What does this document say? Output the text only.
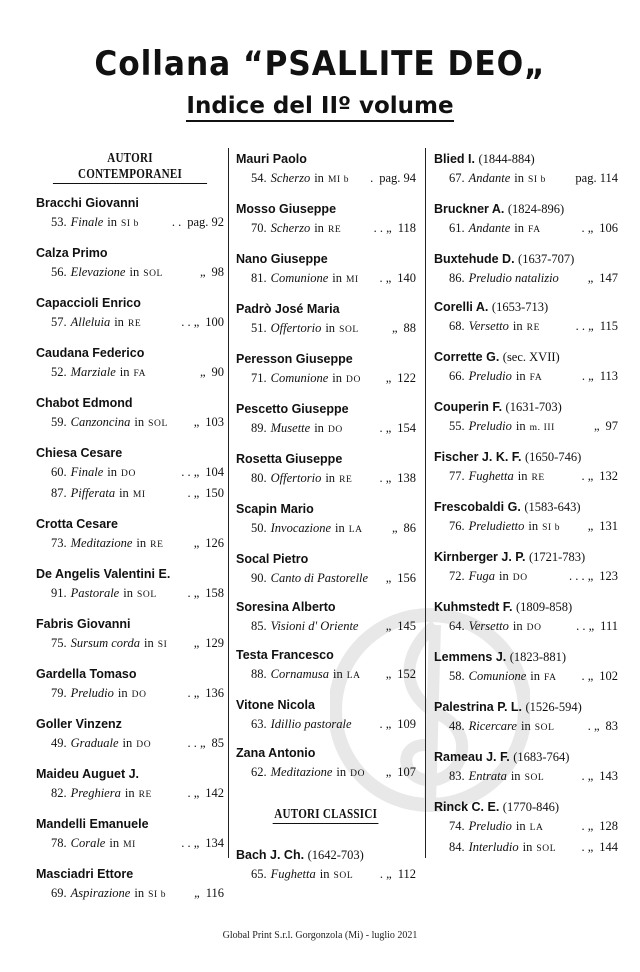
Collana “PSALLITE DEO„
Indice del IIº volume
AUTORI CONTEMPORANEI
Bracchi Giovanni
53. Finale in SI b	. . pag. 92
Calza Primo
56. Elevazione in SOL	„ 98
Capaccioli Enrico
57. Alleluia in RE	. . „ 100
Caudana Federico
52. Marziale in FA	„ 90
Chabot Edmond
59. Canzoncina in SOL	„ 103
Chiesa Cesare
60. Finale in DO	. . „ 104
87. Pifferata in MI	. „ 150
Crotta Cesare
73. Meditazione in RE	„ 126
De Angelis Valentini E.
91. Pastorale in SOL	. „ 158
Fabris Giovanni
75. Sursum corda in SI	„ 129
Gardella Tomaso
79. Preludio in DO	. „ 136
Goller Vinzenz
49. Graduale in DO	. . „ 85
Maideu Auguet J.
82. Preghiera in RE	. „ 142
Mandelli Emanuele
78. Corale in MI	. . „ 134
Masciadri Ettore
69. Aspirazione in SI b	„ 116
Mauri Paolo
54. Scherzo in MI b	. pag. 94
Mosso Giuseppe
70. Scherzo in RE	. . „ 118
Nano Giuseppe
81. Comunione in MI	. „ 140
Padrò José Maria
51. Offertorio in SOL	„ 88
Peresson Giuseppe
71. Comunione in DO	„ 122
Pescetto Giuseppe
89. Musette in DO	. „ 154
Rosetta Giuseppe
80. Offertorio in RE	. „ 138
Scapin Mario
50. Invocazione in LA	„ 86
Socal Pietro
90. Canto di Pastorelle	„ 156
Soresina Alberto
85. Visioni d' Oriente	„ 145
Testa Francesco
88. Cornamusa in LA	„ 152
Vitone Nicola
63. Idillio pastorale	. „ 109
Zana Antonio
62. Meditazione in DO	„ 107
AUTORI CLASSICI
Bach J. Ch. (1642-703)
65. Fughetta in SOL	. „ 112
Blied I. (1844-884)
67. Andante in SI b pag. 114
Bruckner A. (1824-896)
61. Andante in FA	. „ 106
Buxtehude D. (1637-707)
86. Preludio natalizio	„ 147
Corelli A. (1653-713)
68. Versetto in RE	. . „ 115
Corrette G. (sec. XVII)
66. Preludio in FA	. „ 113
Couperin F. (1631-703)
55. Preludio in m. III	„ 97
Fischer J. K. F. (1650-746)
77. Fughetta in RE	. „ 132
Frescobaldi G. (1583-643)
76. Preludietto in SI b	„ 131
Kirnberger J. P. (1721-783)
72. Fuga in DO	. . . „ 123
Kuhmstedt F. (1809-858)
64. Versetto in DO	. . „ 111
Lemmens J. (1823-881)
58. Comunione in FA	. „ 102
Palestrina P. L. (1526-594)
48. Ricercare in SOL	. „ 83
Rameau J. F. (1683-764)
83. Entrata in SOL	. „ 143
Rinck C. E. (1770-846)
74. Preludio in LA	. „ 128
84. Interludio in SOL	. „ 144
Global Print S.r.l. Gorgonzola (Mi) - luglio 2021
